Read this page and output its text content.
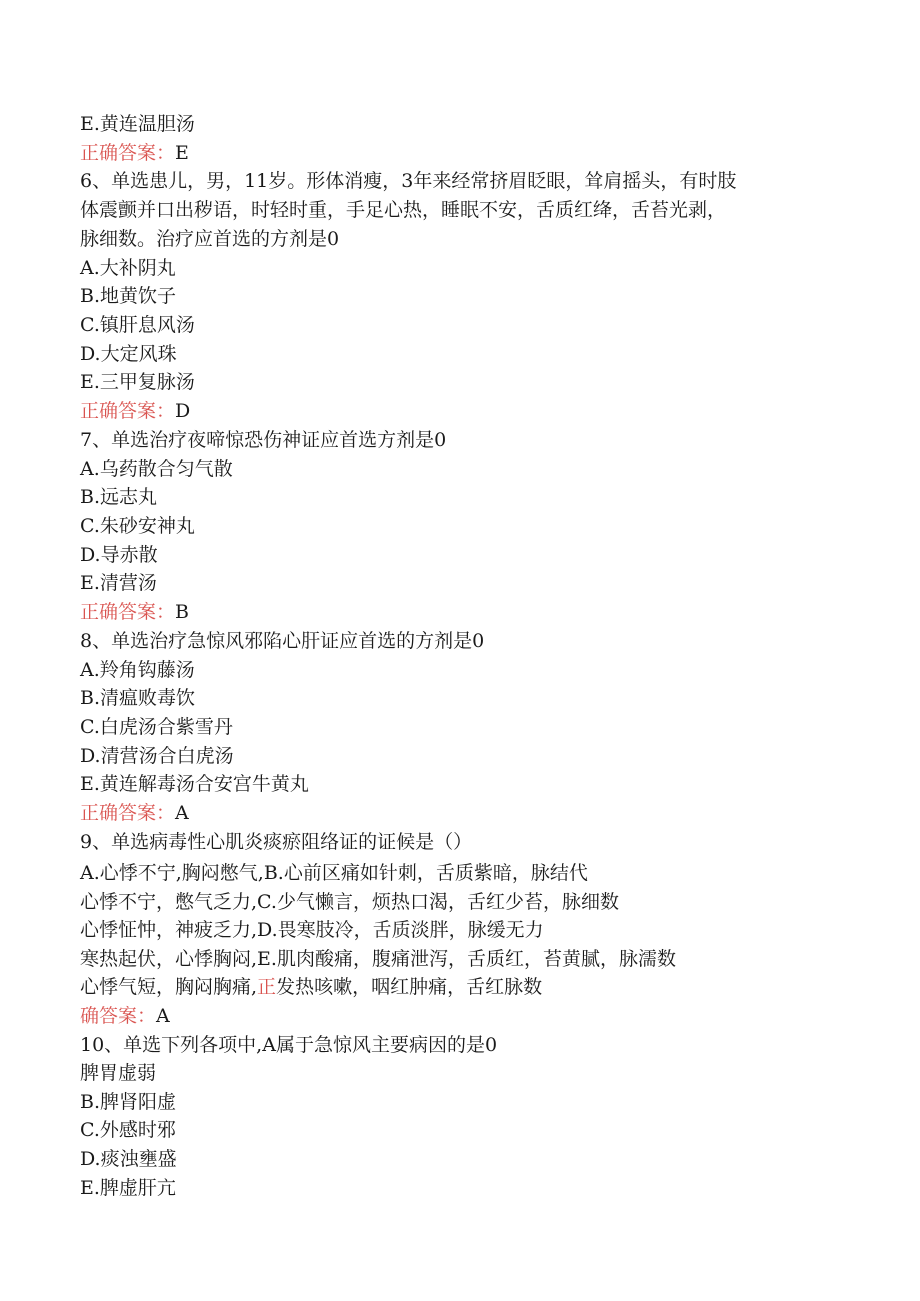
E.黄连温胆汤
正确答案：E
6、单选患儿，男，11岁。形体消瘦，3年来经常挤眉眨眼，耸肩摇头，有时肢
体震颤并口出秽语，时轻时重，手足心热，睡眠不安，舌质红绛，舌苔光剥，
脉细数。治疗应首选的方剂是0
A.大补阴丸
B.地黄饮子
C.镇肝息风汤
D.大定风珠
E.三甲复脉汤
正确答案：D
7、单选治疗夜啼惊恐伤神证应首选方剂是0
A.乌药散合匀气散
B.远志丸
C.朱砂安神丸
D.导赤散
E.清营汤
正确答案：B
8、单选治疗急惊风邪陷心肝证应首选的方剂是0
A.羚角钩藤汤
B.清瘟败毒饮
C.白虎汤合紫雪丹
D.清营汤合白虎汤
E.黄连解毒汤合安宫牛黄丸
正确答案：A
9、单选病毒性心肌炎痰瘀阻络证的证候是（）
A.心悸不宁,胸闷憋气,B.心前区痛如针刺，舌质紫暗，脉结代
心悸不宁，憋气乏力,C.少气懒言，烦热口渴，舌红少苔，脉细数
心悸怔忡，神疲乏力,D.畏寒肢冷，舌质淡胖，脉缓无力
寒热起伏，心悸胸闷,E.肌肉酸痛，腹痛泄泻，舌质红，苔黄腻，脉濡数
心悸气短，胸闷胸痛,正发热咳嗽，咽红肿痛，舌红脉数
确答案：A
10、单选下列各项中,A属于急惊风主要病因的是0
脾胃虚弱
B.脾肾阳虚
C.外感时邪
D.痰浊壅盛
E.脾虚肝亢
